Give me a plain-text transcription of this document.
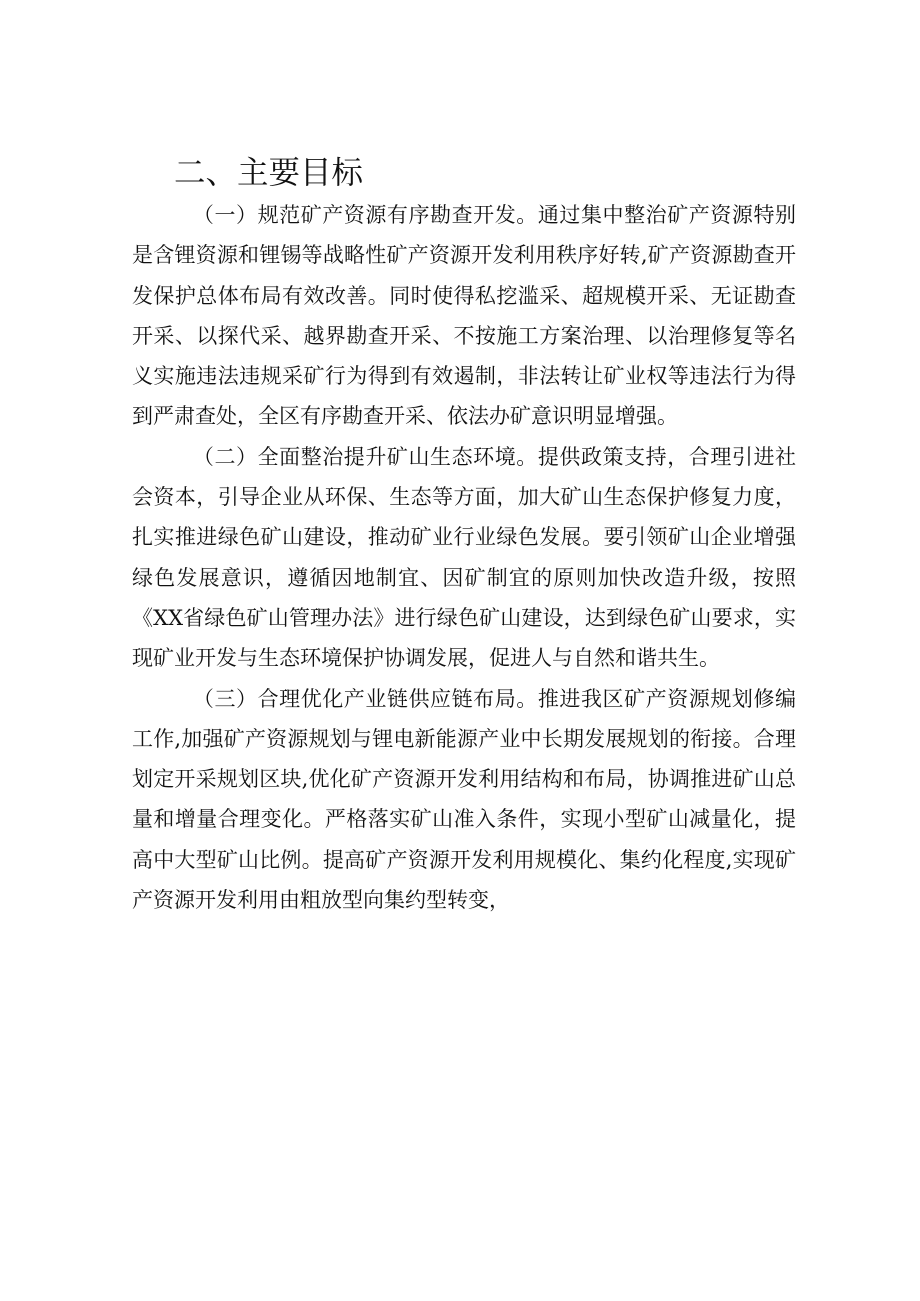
二、主要目标

（一）规范矿产资源有序勘查开发。通过集中整治矿产资源特别是含锂资源和锂锡等战略性矿产资源开发利用秩序好转,矿产资源勘查开发保护总体布局有效改善。同时使得私挖滥采、超规模开采、无证勘查开采、以探代采、越界勘查开采、不按施工方案治理、以治理修复等名义实施违法违规采矿行为得到有效遏制，非法转让矿业权等违法行为得到严肃查处，全区有序勘查开采、依法办矿意识明显增强。

（二）全面整治提升矿山生态环境。提供政策支持，合理引进社会资本，引导企业从环保、生态等方面，加大矿山生态保护修复力度，扎实推进绿色矿山建设，推动矿业行业绿色发展。要引领矿山企业增强绿色发展意识，遵循因地制宜、因矿制宜的原则加快改造升级，按照《XX省绿色矿山管理办法》进行绿色矿山建设，达到绿色矿山要求，实现矿业开发与生态环境保护协调发展，促进人与自然和谐共生。

（三）合理优化产业链供应链布局。推进我区矿产资源规划修编工作,加强矿产资源规划与锂电新能源产业中长期发展规划的衔接。合理划定开采规划区块,优化矿产资源开发利用结构和布局，协调推进矿山总量和增量合理变化。严格落实矿山准入条件，实现小型矿山减量化，提高中大型矿山比例。提高矿产资源开发利用规模化、集约化程度,实现矿产资源开发利用由粗放型向集约型转变，
